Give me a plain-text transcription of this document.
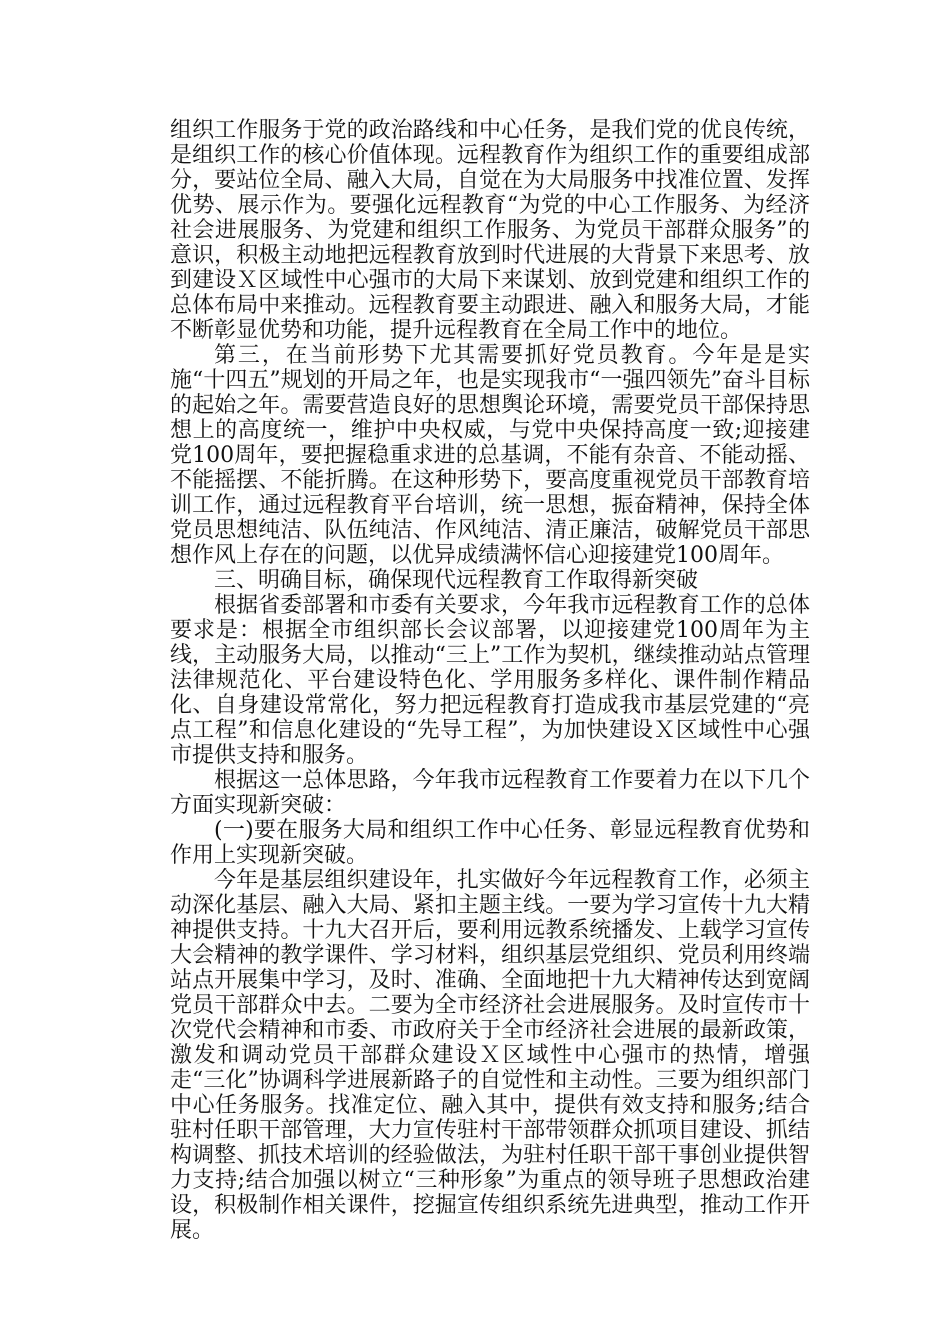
组织工作服务于党的政治路线和中心任务，是我们党的优良传统，是组织工作的核心价值体现。远程教育作为组织工作的重要组成部分，要站位全局、融入大局，自觉在为大局服务中找准位置、发挥优势、展示作为。要强化远程教育“为党的中心工作服务、为经济社会进展服务、为党建和组织工作服务、为党员干部群众服务”的意识，积极主动地把远程教育放到时代进展的大背景下来思考、放到建设Ｘ区域性中心强市的大局下来谋划、放到党建和组织工作的总体布局中来推动。远程教育要主动跟进、融入和服务大局，才能不断彰显优势和功能，提升远程教育在全局工作中的地位。

第三，在当前形势下尤其需要抓好党员教育。今年是是实施“十四五”规划的开局之年，也是实现我市“一强四领先”奋斗目标的起始之年。需要营造良好的思想舆论环境，需要党员干部保持思想上的高度统一，维护中央权威，与党中央保持高度一致;迎接建党100周年，要把握稳重求进的总基调，不能有杂音、不能动摇、不能摇摆、不能折腾。在这种形势下，要高度重视党员干部教育培训工作，通过远程教育平台培训，统一思想，振奋精神，保持全体党员思想纯洁、队伍纯洁、作风纯洁、清正廉洁，破解党员干部思想作风上存在的问题，以优异成绩满怀信心迎接建党100周年。

三、明确目标，确保现代远程教育工作取得新突破

根据省委部署和市委有关要求，今年我市远程教育工作的总体要求是：根据全市组织部长会议部署，以迎接建党100周年为主线，主动服务大局，以推动“三上”工作为契机，继续推动站点管理法律规范化、平台建设特色化、学用服务多样化、课件制作精品化、自身建设常常化，努力把远程教育打造成我市基层党建的“亮点工程”和信息化建设的“先导工程”，为加快建设Ｘ区域性中心强市提供支持和服务。

根据这一总体思路，今年我市远程教育工作要着力在以下几个方面实现新突破：

(一)要在服务大局和组织工作中心任务、彰显远程教育优势和作用上实现新突破。

今年是基层组织建设年，扎实做好今年远程教育工作，必须主动深化基层、融入大局、紧扣主题主线。一要为学习宣传十九大精神提供支持。十九大召开后，要利用远教系统播发、上载学习宣传大会精神的教学课件、学习材料，组织基层党组织、党员利用终端站点开展集中学习，及时、准确、全面地把十九大精神传达到宽阔党员干部群众中去。二要为全市经济社会进展服务。及时宣传市十次党代会精神和市委、市政府关于全市经济社会进展的最新政策，激发和调动党员干部群众建设Ｘ区域性中心强市的热情，增强走“三化”协调科学进展新路子的自觉性和主动性。三要为组织部门中心任务服务。找准定位、融入其中，提供有效支持和服务;结合驻村任职干部管理，大力宣传驻村干部带领群众抓项目建设、抓结构调整、抓技术培训的经验做法，为驻村任职干部干事创业提供智力支持;结合加强以树立“三种形象”为重点的领导班子思想政治建设，积极制作相关课件，挖掘宣传组织系统先进典型，推动工作开展。
